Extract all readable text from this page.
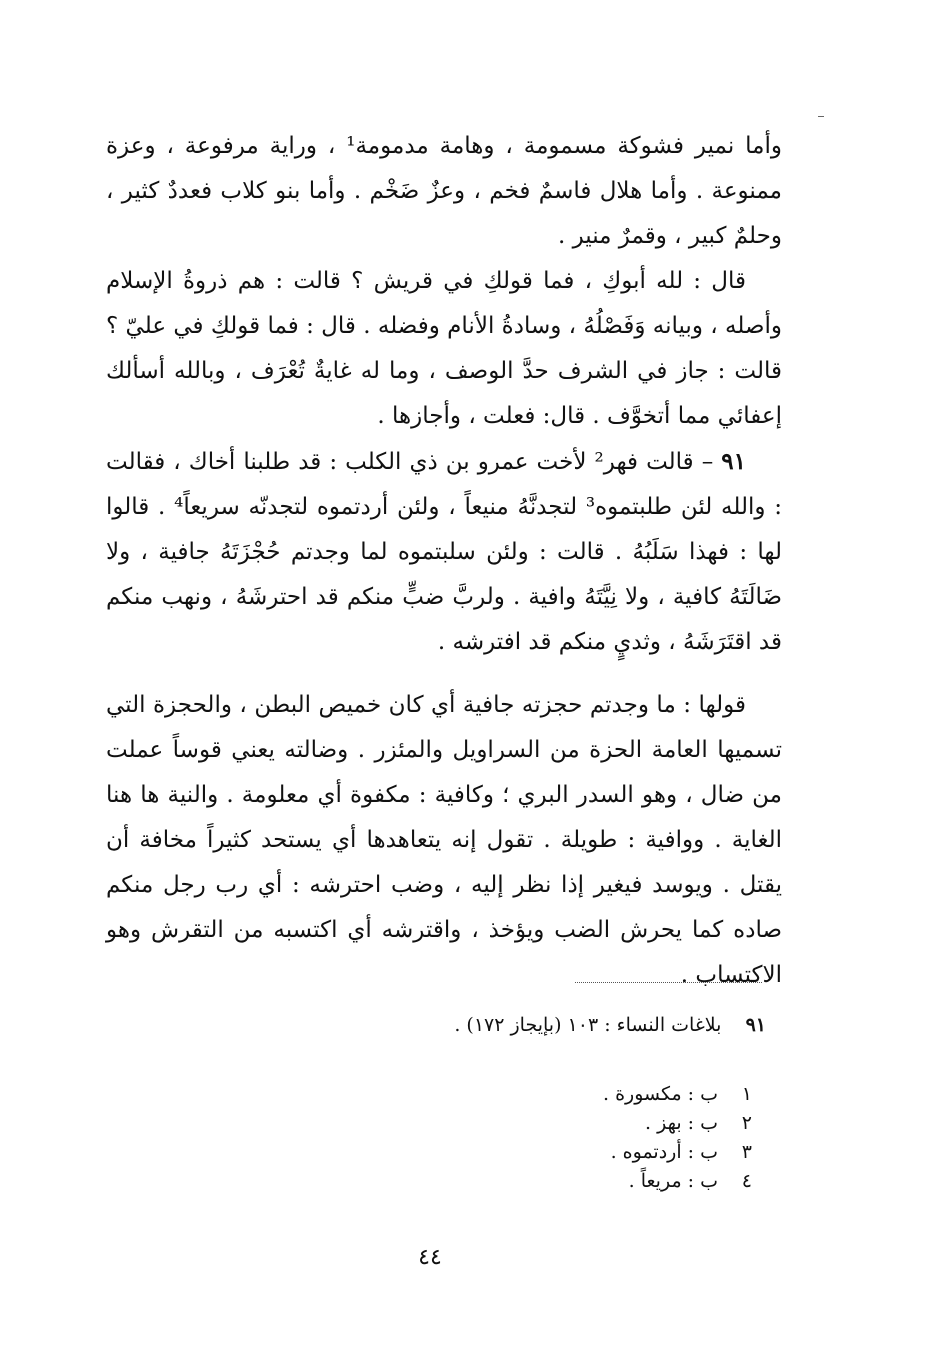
وأما نمير فشوكة مسمومة ، وهامة مدمومة¹ ، وراية مرفوعة ، وعزة ممنوعة . وأما هلال فاسمٌ فخم ، وعزٌ ضَخْم . وأما بنو كلاب فعددٌ كثير ، وحلمٌ كبير ، وقمرٌ منير .

قال : لله أبوكِ ، فما قولكِ في قريش ؟ قالت : هم ذروةُ الإسلام وأصله ، وبيانه وَفَصْلُهُ ، وسادةُ الأنام وفضله . قال : فما قولكِ في عليّ ؟ قالت : جاز في الشرف حدَّ الوصف ، وما له غايةٌ تُعْرَف ، وبالله أسألك إعفائي مما أتخوَّف . قال: فعلت ، وأجازها .

٩١ – قالت فهر² لأخت عمرو بن ذي الكلب : قد طلبنا أخاك ، فقالت : والله لئن طلبتموه³ لتجدنَّهُ منيعاً ، ولئن أردتموه لتجدنّه سريعاً⁴ . قالوا لها : فهذا سَلَبُهُ . قالت : ولئن سلبتموه لما وجدتم حُجْزَتَهُ جافية ، ولا ضَالَتَهُ كافية ، ولا نِيَّتَهُ وافية . ولربَّ ضبٍّ منكم قد احترشَهُ ، ونهب منكم قد اقتَرَشَهُ ، وثديٍ منكم قد افترشه .

قولها : ما وجدتم حجزته جافية أي كان خميص البطن ، والحجزة التي تسميها العامة الحزة من السراويل والمئزر . وضالته يعني قوساً عملت من ضال ، وهو السدر البري ؛ وكافية : مكفوة أي معلومة . والنية ها هنا الغاية . ووافية : طويلة . تقول إنه يتعاهدها أي يستحد كثيراً مخافة أن يقتل . ويوسد فيغير إذا نظر إليه ، وضب احترشه : أي رب رجل منكم صاده كما يحرش الضب ويؤخذ ، واقترشه أي اكتسبه من التقرش وهو الاكتساب .

٩١    بلاغات النساء : ١٠٣ (بإيجاز ١٧٢) .
١
ب : مكسورة .
٢
ب : بهز .
٣
ب : أردتموه .
٤
ب : مريعاً .
٤٤
